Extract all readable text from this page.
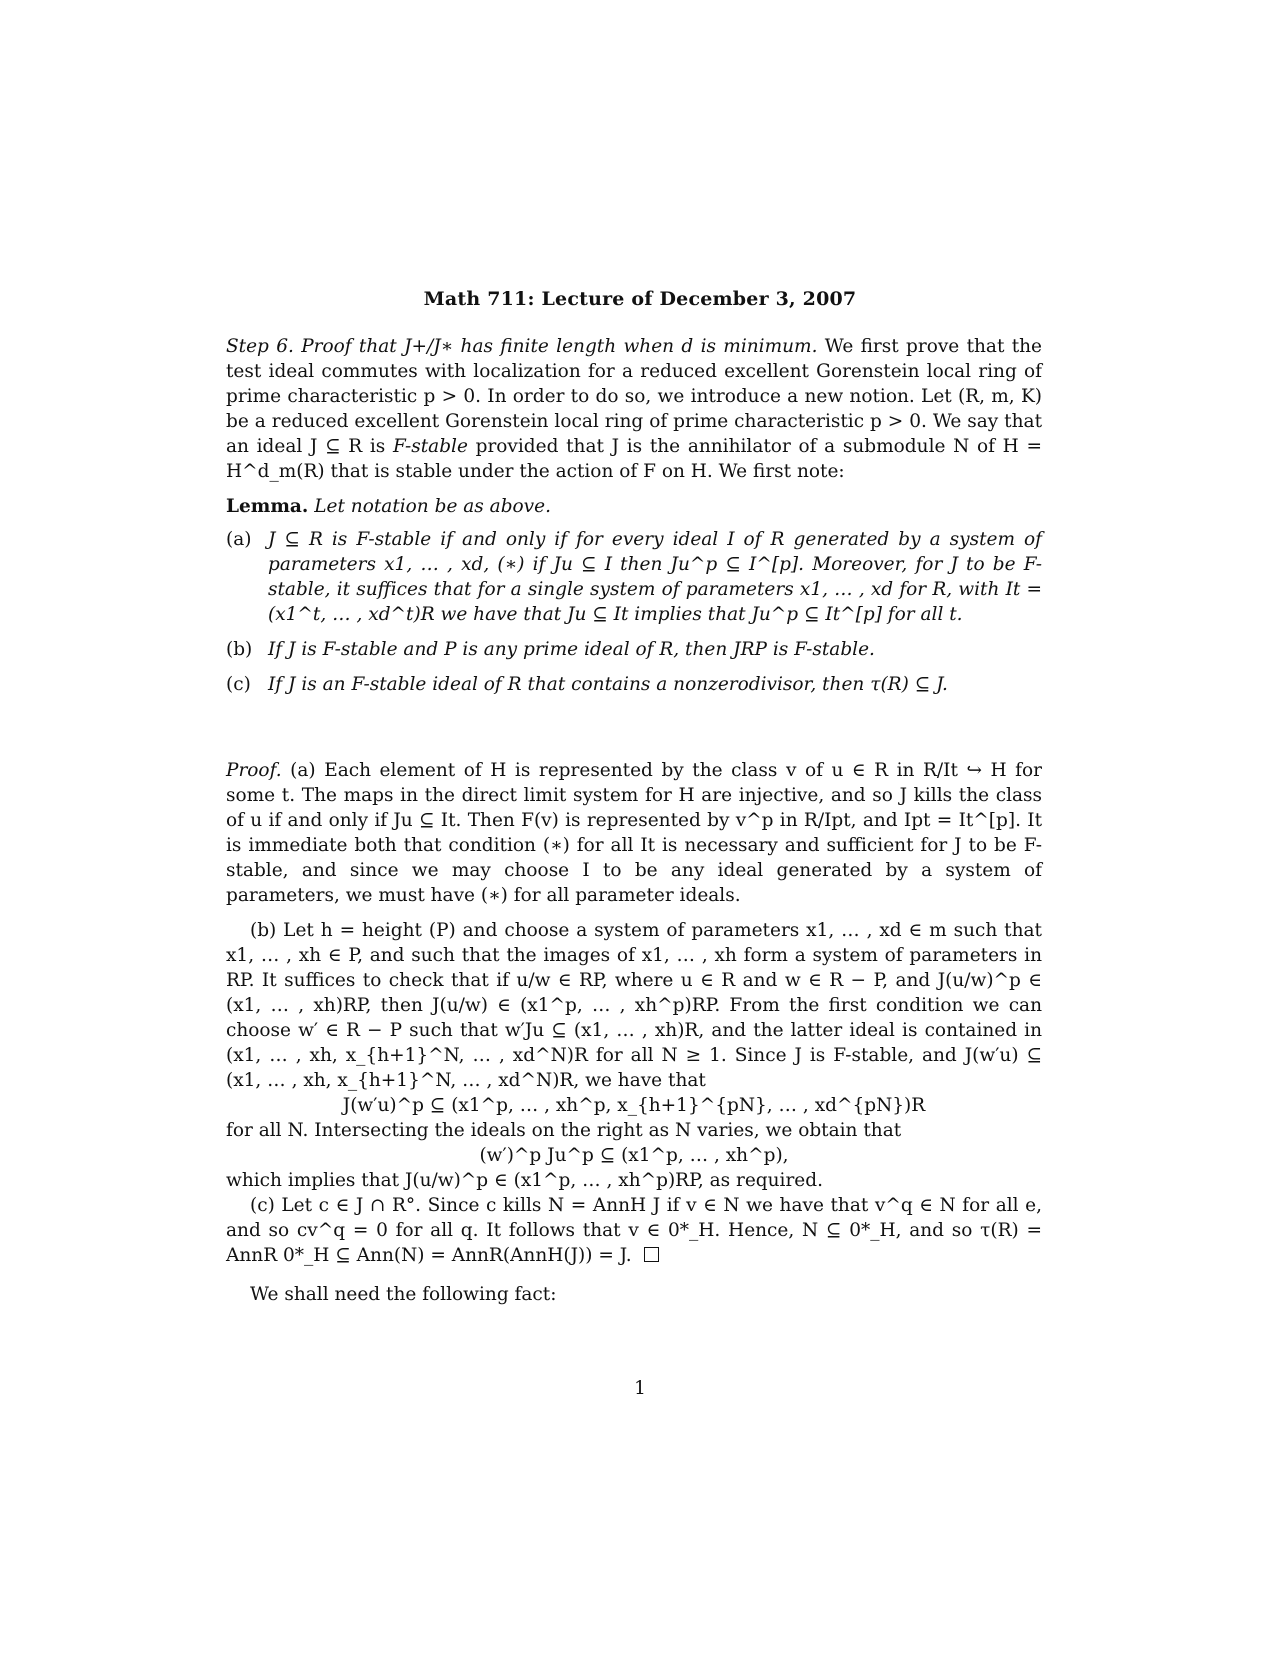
Math 711: Lecture of December 3, 2007

Step 6. Proof that J+/J∗ has finite length when d is minimum. We first prove that the test ideal commutes with localization for a reduced excellent Gorenstein local ring of prime characteristic p > 0. In order to do so, we introduce a new notion. Let (R, m, K) be a reduced excellent Gorenstein local ring of prime characteristic p > 0. We say that an ideal J ⊆ R is F-stable provided that J is the annihilator of a submodule N of H = H^d_m(R) that is stable under the action of F on H. We first note:

Lemma. Let notation be as above.

(a) J ⊆ R is F-stable if and only if for every ideal I of R generated by a system of parameters x1, … , xd, (∗) if Ju ⊆ I then Ju^p ⊆ I^[p]. Moreover, for J to be F-stable, it suffices that for a single system of parameters x1, … , xd for R, with It = (x1^t, … , xd^t)R we have that Ju ⊆ It implies that Ju^p ⊆ It^[p] for all t.
(b) If J is F-stable and P is any prime ideal of R, then JRP is F-stable.
(c) If J is an F-stable ideal of R that contains a nonzerodivisor, then τ(R) ⊆ J.

Proof. (a) Each element of H is represented by the class v of u ∈ R in R/It ↪ H for some t. The maps in the direct limit system for H are injective, and so J kills the class of u if and only if Ju ⊆ It. Then F(v) is represented by v^p in R/Ipt, and Ipt = It^[p]. It is immediate both that condition (∗) for all It is necessary and sufficient for J to be F-stable, and since we may choose I to be any ideal generated by a system of parameters, we must have (∗) for all parameter ideals.

(b) Let h = height (P) and choose a system of parameters x1, … , xd ∈ m such that x1, … , xh ∈ P, and such that the images of x1, … , xh form a system of parameters in RP. It suffices to check that if u/w ∈ RP, where u ∈ R and w ∈ R − P, and J(u/w)^p ∈ (x1, … , xh)RP, then J(u/w) ∈ (x1^p, … , xh^p)RP. From the first condition we can choose w′ ∈ R − P such that w′Ju ⊆ (x1, … , xh)R, and the latter ideal is contained in (x1, … , xh, x_{h+1}^N, … , xd^N)R for all N ≥ 1. Since J is F-stable, and J(w′u) ⊆ (x1, … , xh, x_{h+1}^N, … , xd^N)R, we have that

J(w′u)^p ⊆ (x1^p, … , xh^p, x_{h+1}^{pN}, … , xd^{pN})R

for all N. Intersecting the ideals on the right as N varies, we obtain that

(w′)^p Ju^p ⊆ (x1^p, … , xh^p),

which implies that J(u/w)^p ∈ (x1^p, … , xh^p)RP, as required.

(c) Let c ∈ J ∩ R°. Since c kills N = AnnH J if v ∈ N we have that v^q ∈ N for all e, and so cv^q = 0 for all q. It follows that v ∈ 0*_H. Hence, N ⊆ 0*_H, and so τ(R) = AnnR 0*_H ⊆ Ann(N) = AnnR(AnnH(J)) = J.

We shall need the following fact:

1
